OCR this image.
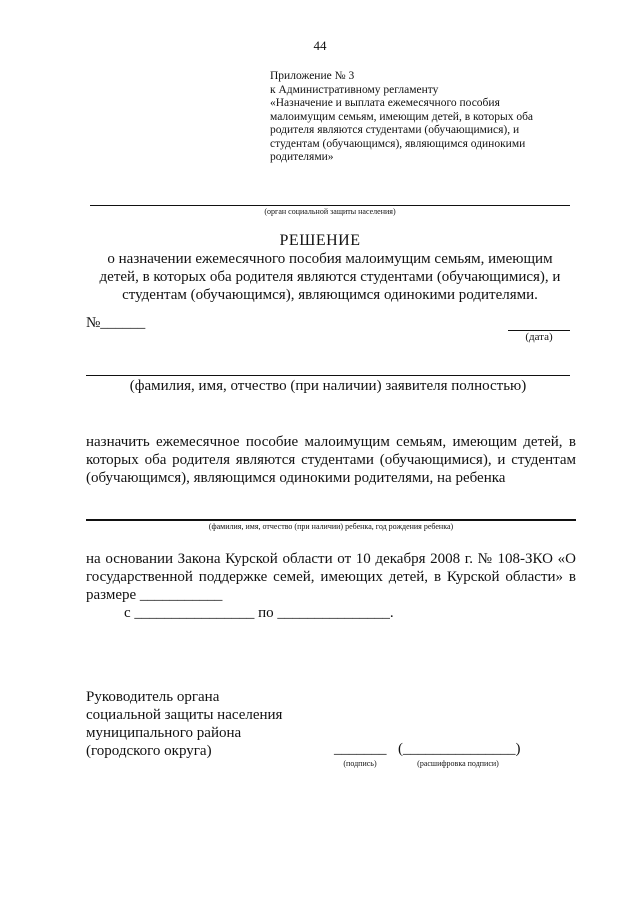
44
Приложение № 3
к Административному регламенту
«Назначение и выплата ежемесячного пособия
малоимущим семьям, имеющим детей, в которых оба
родителя являются студентами (обучающимися), и
студентам (обучающимся), являющимся одинокими
родителями»
(орган социальной защиты населения)
РЕШЕНИЕ
о назначении ежемесячного пособия малоимущим семьям, имеющим
детей, в которых оба родителя являются студентами (обучающимися), и
студентам (обучающимся), являющимся одинокими родителями.
№______
(дата)
(фамилия, имя, отчество (при наличии) заявителя полностью)
назначить ежемесячное пособие малоимущим семьям, имеющим детей, в
которых оба родителя являются студентами (обучающимися), и студентам
(обучающимся), являющимся одинокими родителями, на ребенка
(фамилия, имя, отчество (при наличии) ребенка, год рождения ребенка)
на основании Закона Курской области от 10 декабря 2008 г. № 108-ЗКО «О
государственной поддержке семей, имеющих детей, в Курской области» в
размере ___________
с ________________ по _______________.
Руководитель органа
социальной защиты населения
муниципального района
(городского округа)	_______ (_______________)
(подпись)	(расшифровка подписи)
